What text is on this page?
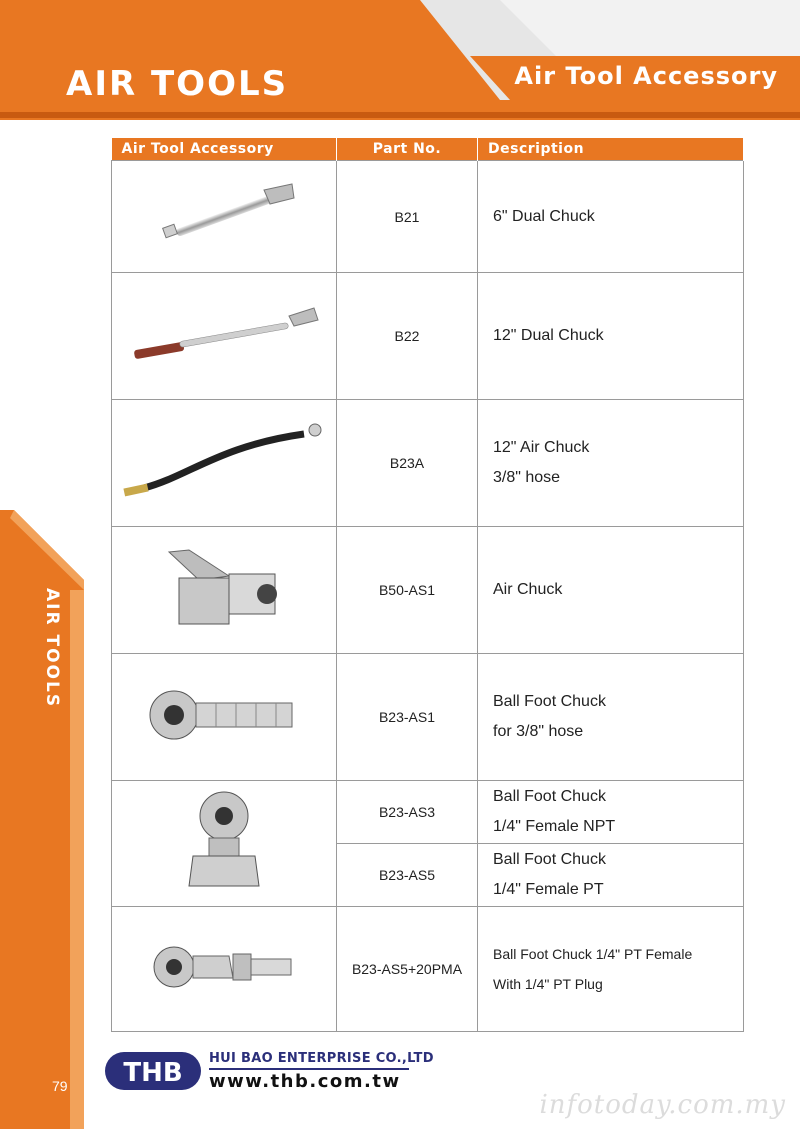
AIR TOOLS	Air Tool Accessory
AIR TOOLS
79
Air Tool Accessory	Part No.	Description
	B21	6" Dual Chuck

	B22	12" Dual Chuck

	B23A	12" Air Chuck
3/8" hose

	B50-AS1	Air Chuck

	B23-AS1	Ball Foot Chuck
for 3/8" hose

	B23-AS3	Ball Foot Chuck
1/4" Female NPT

	B23-AS5	Ball Foot Chuck
1/4" Female PT

	B23-AS5+20PMA	Ball Foot Chuck 1/4" PT Female
With 1/4" PT Plug
THB HUI BAO ENTERPRISE CO.,LTD
www.thb.com.tw
infotoday.com.my
